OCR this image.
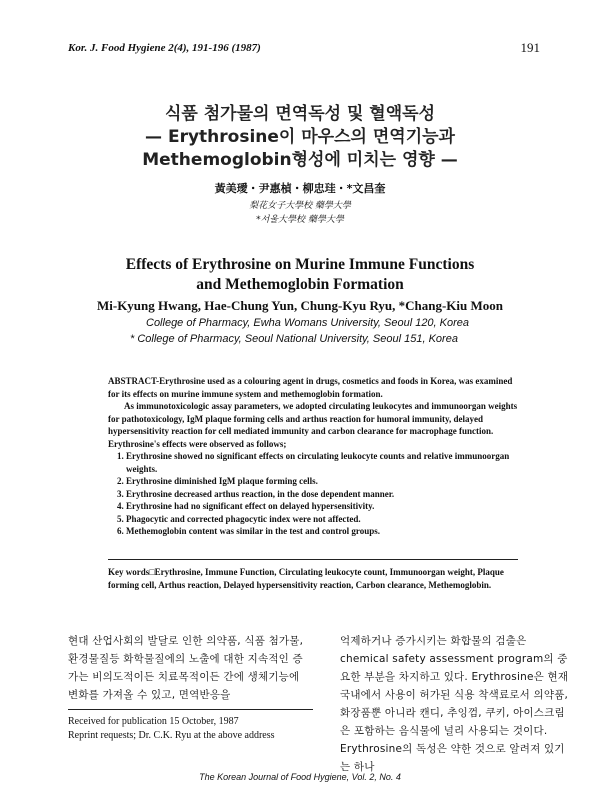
Kor. J. Food Hygiene 2(4), 191-196 (1987)	191
식품 첨가물의 면역독성 및 혈액독성
— Erythrosine이 마우스의 면역기능과
Methemoglobin형성에 미치는 영향 —
黃美璦・尹惠楨・柳忠珪・*文昌奎
梨花女子大學校 藥學大學
*서울大學校 藥學大學
Effects of Erythrosine on Murine Immune Functions
and Methemoglobin Formation
Mi-Kyung Hwang, Hae-Chung Yun, Chung-Kyu Ryu, *Chang-Kiu Moon
College of Pharmacy, Ewha Womans University, Seoul 120, Korea
* College of Pharmacy, Seoul National University, Seoul 151, Korea

ABSTRACT-Erythrosine used as a colouring agent in drugs, cosmetics and foods in Korea, was examined for its effects on murine immune system and methemoglobin formation.

As immunotoxicologic assay parameters, we adopted circulating leukocytes and immunoorgan weights for pathotoxicology, IgM plaque forming cells and arthus reaction for humoral immunity, delayed hypersensitivity reaction for cell mediated immunity and carbon clearance for macrophage function.

Erythrosine's effects were observed as follows;

1. Erythrosine showed no significant effects on circulating leukocyte counts and relative immunoorgan weights.
2. Erythrosine diminished IgM plaque forming cells.
3. Erythrosine decreased arthus reaction, in the dose dependent manner.
4. Erythrosine had no significant effect on delayed hypersensitivity.
5. Phagocytic and corrected phagocytic index were not affected.
6. Methemoglobin content was similar in the test and control groups.
Key words□Erythrosine, Immune Function, Circulating leukocyte count, Immunoorgan weight, Plaque forming cell, Arthus reaction, Delayed hypersensitivity reaction, Carbon clearance, Methemoglobin.
현대 산업사회의 발달로 인한 의약품, 식품 첨가물, 환경물질등 화학물질에의 노출에 대한 지속적인 증가는 비의도적이든 치료목적이든 간에 생체기능에 변화를 가져올 수 있고, 면역반응을
억제하거나 증가시키는 화합물의 검출은 chemical safety assessment program의 중요한 부분을 차지하고 있다. Erythrosine은 현재 국내에서 사용이 허가된 식용 착색료로서 의약품, 화장품뿐 아니라 캔디, 추잉껌, 쿠키, 아이스크림은 포함하는 음식물에 널리 사용되는 것이다. Erythrosine의 독성은 약한 것으로 알려져 있기는 하나
Received for publication 15 October, 1987
Reprint requests; Dr. C.K. Ryu at the above address
The Korean Journal of Food Hygiene, Vol. 2, No. 4
